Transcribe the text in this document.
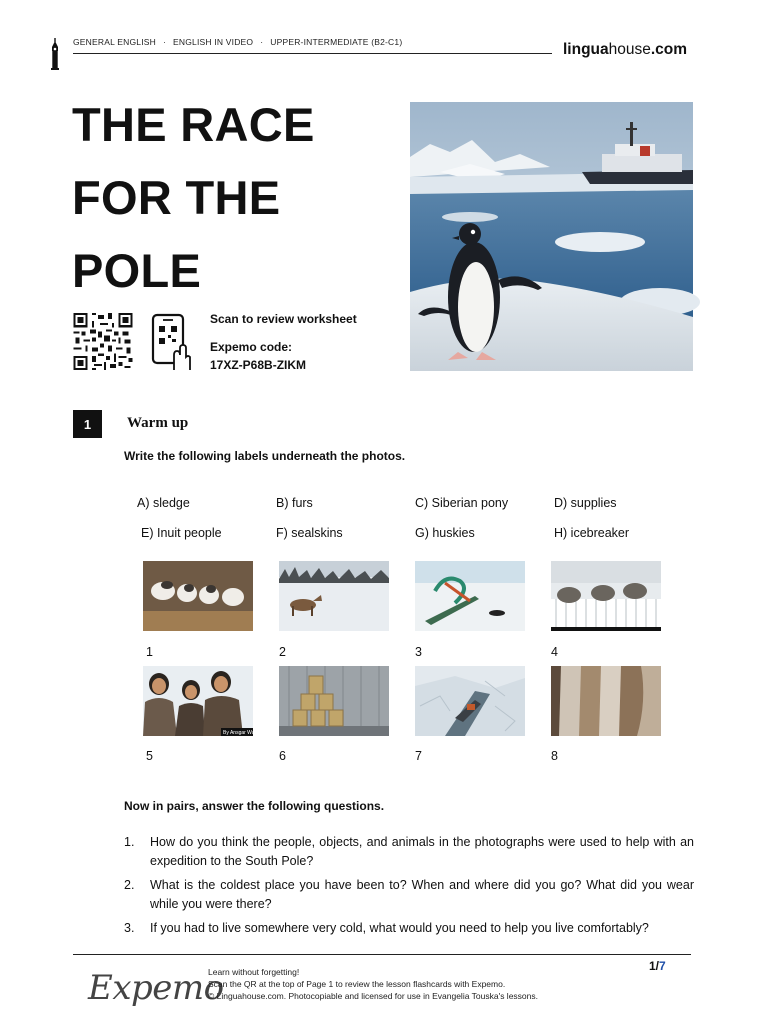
GENERAL ENGLISH · ENGLISH IN VIDEO · UPPER-INTERMEDIATE (B2-C1)	linguahouse.com
THE RACE
FOR THE
POLE
Scan to review worksheet
Expemo code:
17XZ-P68B-ZIKM
1	Warm up
Write the following labels underneath the photos.
A) sledge	B) furs	C) Siberian pony	D) supplies
E) Inuit people	F) sealskins	G) huskies	H) icebreaker
1	2	3	4
By Ansgar Walk
5	6	7	8
Now in pairs, answer the following questions.
1.	How do you think the people, objects, and animals in the photographs were used to help with an expedition to the South Pole?
2.	What is the coldest place you have been to? When and where did you go? What did you wear while you were there?
3.	If you had to live somewhere very cold, what would you need to help you live comfortably?
Expemo
Learn without forgetting!
Scan the QR at the top of Page 1 to review the lesson flashcards with Expemo.
© Linguahouse.com. Photocopiable and licensed for use in Evangelia Touska's lessons.
1/7
